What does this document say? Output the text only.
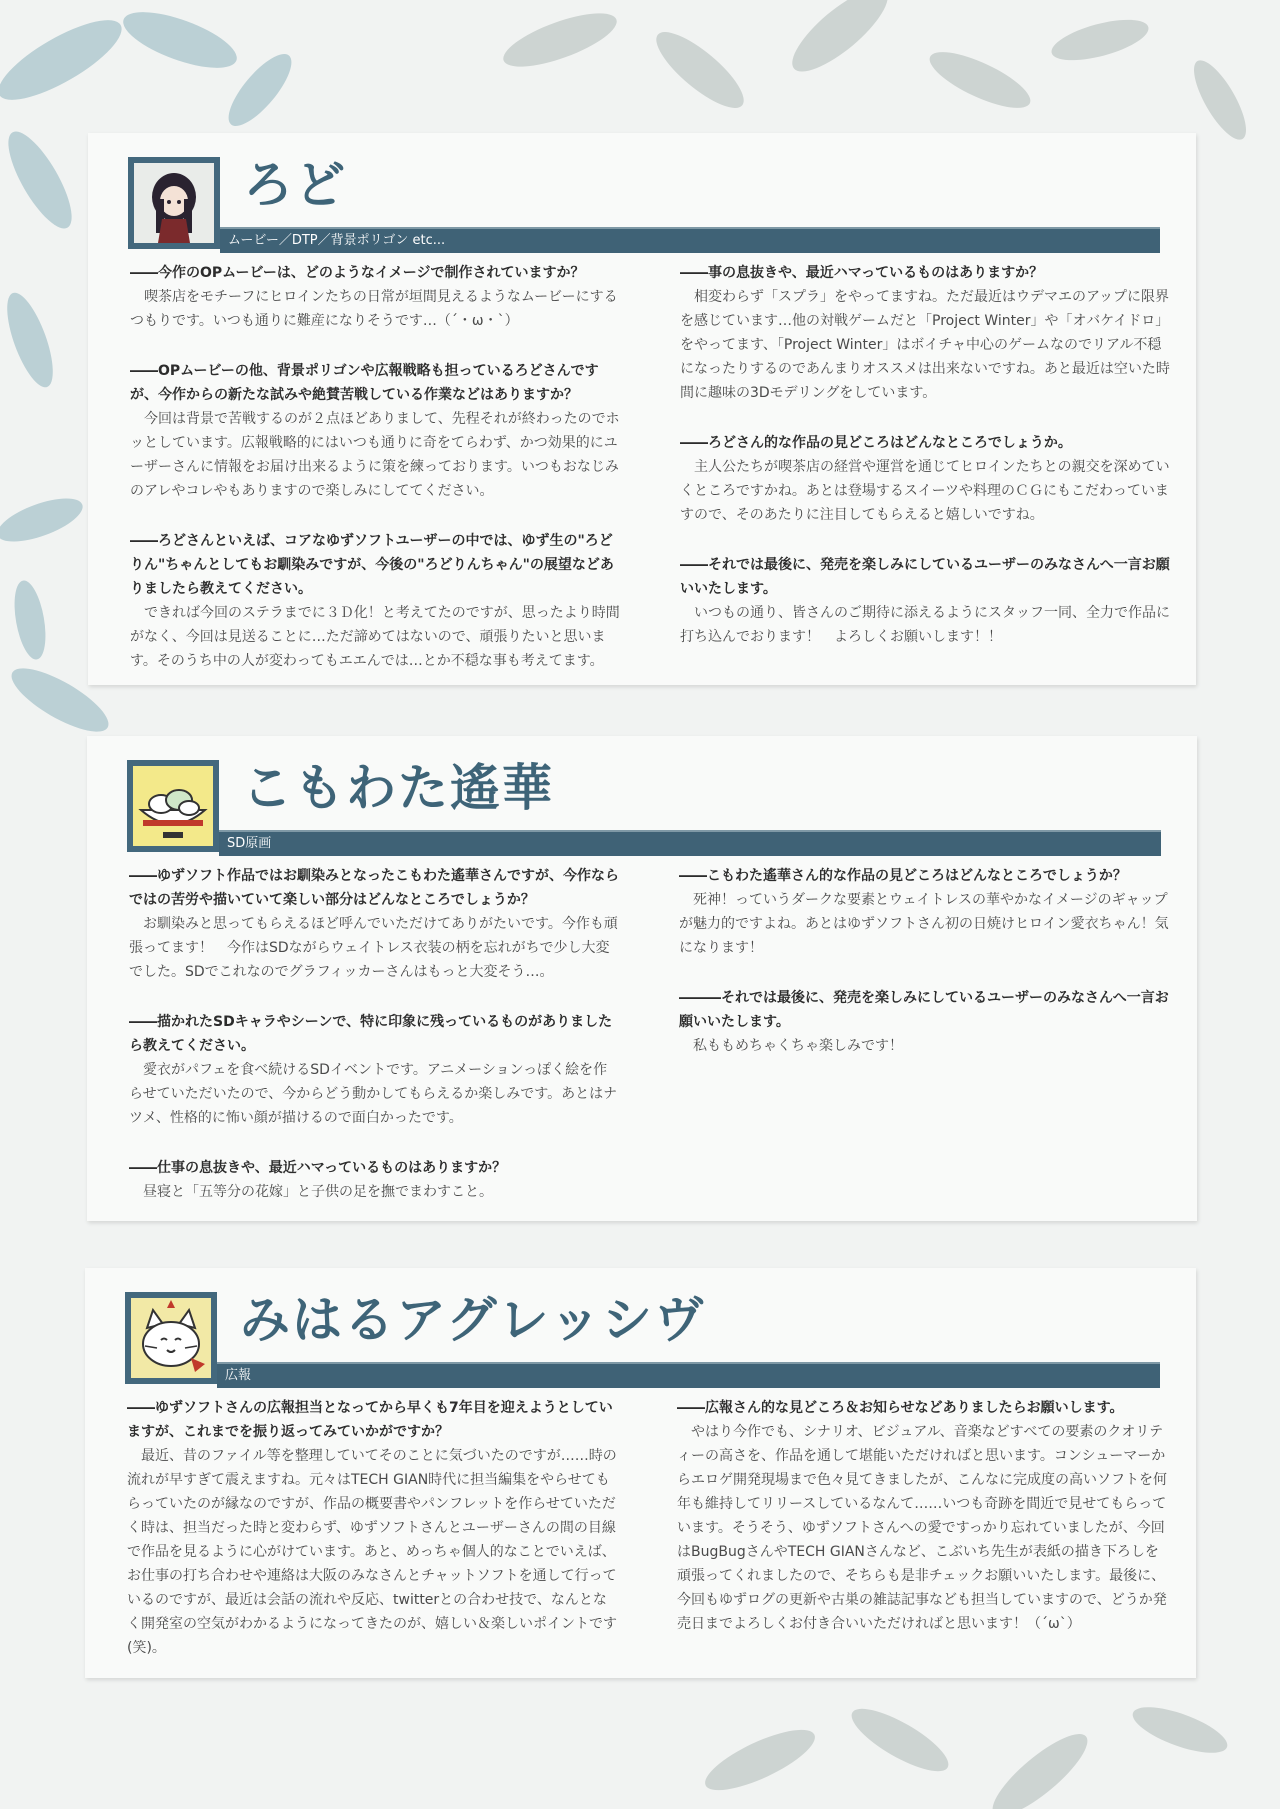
ろど
ムービー／DTP／背景ポリゴン etc...
――今作のOPムービーは、どのようなイメージで制作されていますか？
喫茶店をモチーフにヒロインたちの日常が垣間見えるようなムービーにするつもりです。いつも通りに難産になりそうです…（´・ω・`）
――OPムービーの他、背景ポリゴンや広報戦略も担っているろどさんですが、今作からの新たな試みや絶賛苦戦している作業などはありますか？
今回は背景で苦戦するのが２点ほどありまして、先程それが終わったのでホッとしています。広報戦略的にはいつも通りに奇をてらわず、かつ効果的にユーザーさんに情報をお届け出来るように策を練っております。いつもおなじみのアレやコレやもありますので楽しみにしててください。
――ろどさんといえば、コアなゆずソフトユーザーの中では、ゆず生の"ろどりん"ちゃんとしてもお馴染みですが、今後の"ろどりんちゃん"の展望などありましたら教えてください。
できれば今回のステラまでに３Ｄ化！と考えてたのですが、思ったより時間がなく、今回は見送ることに…ただ諦めてはないので、頑張りたいと思います。そのうち中の人が変わってもエエんでは…とか不穏な事も考えてます。
――事の息抜きや、最近ハマっているものはありますか？
相変わらず「スプラ」をやってますね。ただ最近はウデマエのアップに限界を感じています…他の対戦ゲームだと「Project Winter」や「オバケイドロ」をやってます、「Project Winter」はボイチャ中心のゲームなのでリアル不穏になったりするのであんまりオススメは出来ないですね。あと最近は空いた時間に趣味の3Dモデリングをしています。
――ろどさん的な作品の見どころはどんなところでしょうか。
主人公たちが喫茶店の経営や運営を通じてヒロインたちとの親交を深めていくところですかね。あとは登場するスイーツや料理のＣＧにもこだわっていますので、そのあたりに注目してもらえると嬉しいですね。
――それでは最後に、発売を楽しみにしているユーザーのみなさんへ一言お願いいたします。
いつもの通り、皆さんのご期待に添えるようにスタッフ一同、全力で作品に打ち込んでおります！　よろしくお願いします！！
こもわた遙華
SD原画
――ゆずソフト作品ではお馴染みとなったこもわた遙華さんですが、今作ならではの苦労や描いていて楽しい部分はどんなところでしょうか？
お馴染みと思ってもらえるほど呼んでいただけてありがたいです。今作も頑張ってます！　今作はSDながらウェイトレス衣装の柄を忘れがちで少し大変でした。SDでこれなのでグラフィッカーさんはもっと大変そう…。
――描かれたSDキャラやシーンで、特に印象に残っているものがありましたら教えてください。
愛衣がパフェを食べ続けるSDイベントです。アニメーションっぽく絵を作らせていただいたので、今からどう動かしてもらえるか楽しみです。あとはナツメ、性格的に怖い顔が描けるので面白かったです。
――仕事の息抜きや、最近ハマっているものはありますか？
昼寝と「五等分の花嫁」と子供の足を撫でまわすこと。
――こもわた遙華さん的な作品の見どころはどんなところでしょうか？
死神！っていうダークな要素とウェイトレスの華やかなイメージのギャップが魅力的ですよね。あとはゆずソフトさん初の日焼けヒロイン愛衣ちゃん！気になります！
―――それでは最後に、発売を楽しみにしているユーザーのみなさんへ一言お願いいたします。
私ももめちゃくちゃ楽しみです！
みはるアグレッシヴ
広報
――ゆずソフトさんの広報担当となってから早くも7年目を迎えようとしていますが、これまでを振り返ってみていかがですか？
最近、昔のファイル等を整理していてそのことに気づいたのですが……時の流れが早すぎて震えますね。元々はTECH GIAN時代に担当編集をやらせてもらっていたのが縁なのですが、作品の概要書やパンフレットを作らせていただく時は、担当だった時と変わらず、ゆずソフトさんとユーザーさんの間の目線で作品を見るように心がけています。あと、めっちゃ個人的なことでいえば、お仕事の打ち合わせや連絡は大阪のみなさんとチャットソフトを通して行っているのですが、最近は会話の流れや反応、twitterとの合わせ技で、なんとなく開発室の空気がわかるようになってきたのが、嬉しい＆楽しいポイントです(笑)。
――広報さん的な見どころ＆お知らせなどありましたらお願いします。
やはり今作でも、シナリオ、ビジュアル、音楽などすべての要素のクオリティーの高さを、作品を通して堪能いただければと思います。コンシューマーからエロゲ開発現場まで色々見てきましたが、こんなに完成度の高いソフトを何年も維持してリリースしているなんて……いつも奇跡を間近で見せてもらっています。そうそう、ゆずソフトさんへの愛ですっかり忘れていましたが、今回はBugBugさんやTECH GIANさんなど、こぶいち先生が表紙の描き下ろしを頑張ってくれましたので、そちらも是非チェックお願いいたします。最後に、今回もゆずログの更新や古巣の雑誌記事なども担当していますので、どうか発売日までよろしくお付き合いいただければと思います！（´ω`）
